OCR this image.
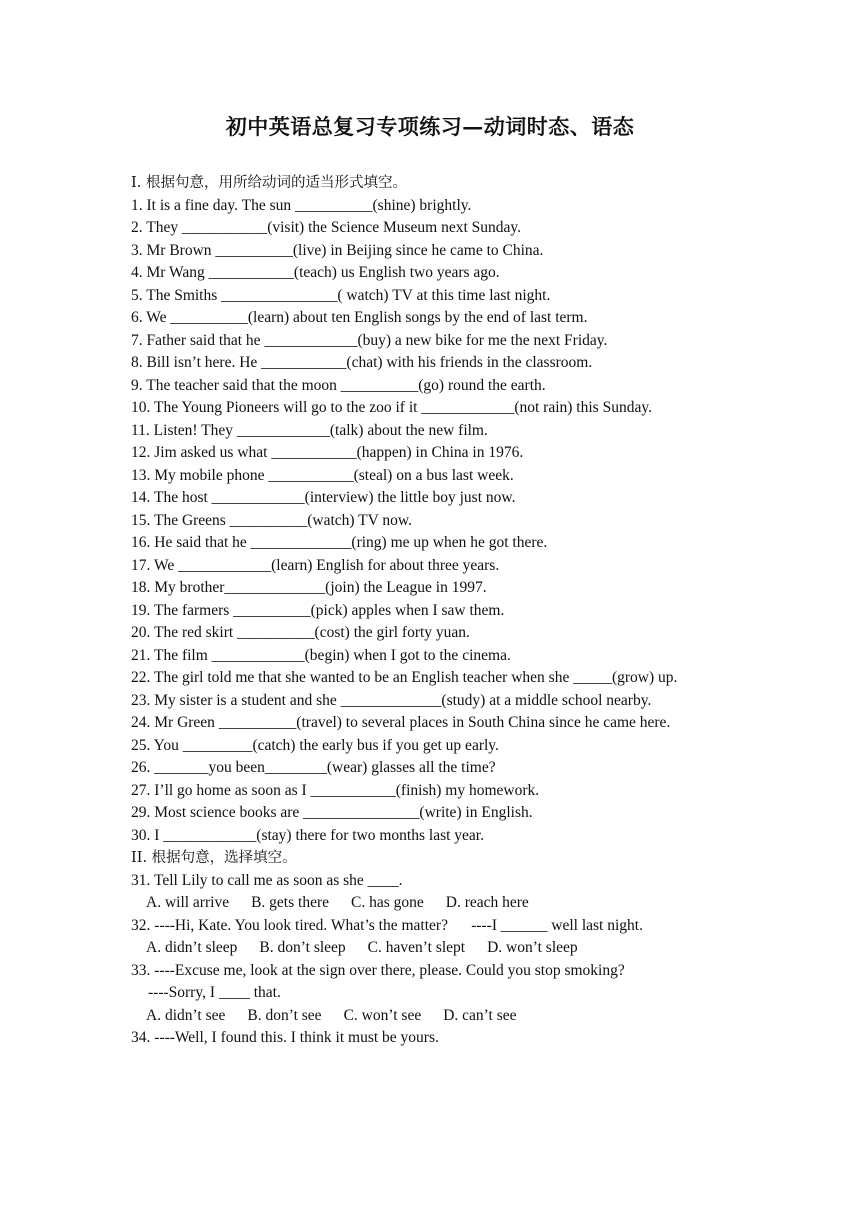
初中英语总复习专项练习—动词时态、语态
I. 根据句意，用所给动词的适当形式填空。
1. It is a fine day. The sun __________(shine) brightly.
2. They ___________(visit) the Science Museum next Sunday.
3. Mr Brown __________(live) in Beijing since he came to China.
4. Mr Wang ___________(teach) us English two years ago.
5. The Smiths _______________( watch) TV at this time last night.
6. We __________(learn) about ten English songs by the end of last term.
7. Father said that he ____________(buy) a new bike for me the next Friday.
8. Bill isn’t here. He ___________(chat) with his friends in the classroom.
9. The teacher said that the moon __________(go) round the earth.
10. The Young Pioneers will go to the zoo if it ____________(not rain) this Sunday.
11. Listen! They ____________(talk) about the new film.
12. Jim asked us what ___________(happen) in China in 1976.
13. My mobile phone ___________(steal) on a bus last week.
14. The host ____________(interview) the little boy just now.
15. The Greens __________(watch) TV now.
16. He said that he _____________(ring) me up when he got there.
17. We ____________(learn) English for about three years.
18. My brother_____________(join) the League in 1997.
19. The farmers __________(pick) apples when I saw them.
20. The red skirt __________(cost) the girl forty yuan.
21. The film ____________(begin) when I got to the cinema.
22. The girl told me that she wanted to be an English teacher when she _____(grow) up.
23. My sister is a student and she _____________(study) at a middle school nearby.
24. Mr Green __________(travel) to several places in South China since he came here.
25. You _________(catch) the early bus if you get up early.
26. _______you been________(wear) glasses all the time?
27. I’ll go home as soon as I ___________(finish) my homework.
29. Most science books are _______________(write) in English.
30. I ____________(stay) there for two months last year.
II. 根据句意，选择填空。
31. Tell Lily to call me as soon as she ____.
A. will arrive B. gets there C. has gone D. reach here
32. ----Hi, Kate. You look tired. What’s the matter?      ----I ______ well last night.
A. didn’t sleep B. don’t sleep C. haven’t slept D. won’t sleep
33. ----Excuse me, look at the sign over there, please. Could you stop smoking?
----Sorry, I ____ that.
A. didn’t see B. don’t see C. won’t see D. can’t see
34. ----Well, I found this. I think it must be yours.
